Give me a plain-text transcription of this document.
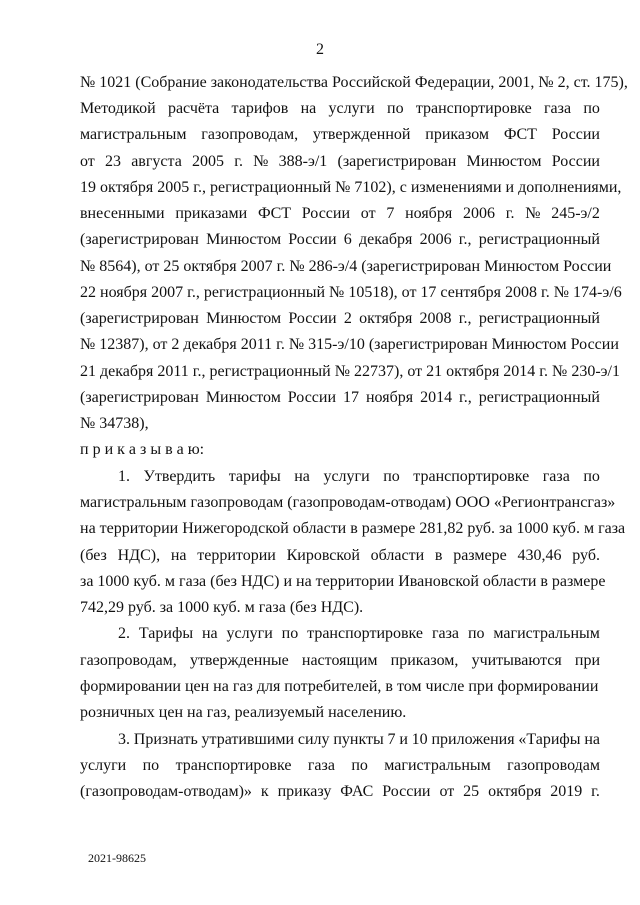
2
№ 1021 (Собрание законодательства Российской Федерации, 2001, № 2, ст. 175),
Методикой расчёта тарифов на услуги по транспортировке газа по
магистральным газопроводам, утвержденной приказом ФСТ России
от 23 августа 2005 г. № 388-э/1 (зарегистрирован Минюстом России
19 октября 2005 г., регистрационный № 7102), с изменениями и дополнениями,
внесенными приказами ФСТ России от 7 ноября 2006 г. № 245-э/2
(зарегистрирован Минюстом России 6 декабря 2006 г., регистрационный
№ 8564), от 25 октября 2007 г. № 286-э/4 (зарегистрирован Минюстом России
22 ноября 2007 г., регистрационный № 10518), от 17 сентября 2008 г. № 174-э/6
(зарегистрирован Минюстом России 2 октября 2008 г., регистрационный
№ 12387), от 2 декабря 2011 г. № 315-э/10 (зарегистрирован Минюстом России
21 декабря 2011 г., регистрационный № 22737), от 21 октября 2014 г. № 230-э/1
(зарегистрирован Минюстом России 17 ноября 2014 г., регистрационный
№ 34738),
п р и к а з ы в а ю:
1. Утвердить тарифы на услуги по транспортировке газа по
магистральным газопроводам (газопроводам-отводам) ООО «Регионтрансгаз»
на территории Нижегородской области в размере 281,82 руб. за 1000 куб. м газа
(без НДС), на территории Кировской области в размере 430,46 руб.
за 1000 куб. м газа (без НДС) и на территории Ивановской области в размере
742,29 руб. за 1000 куб. м газа (без НДС).
2. Тарифы на услуги по транспортировке газа по магистральным
газопроводам, утвержденные настоящим приказом, учитываются при
формировании цен на газ для потребителей, в том числе при формировании
розничных цен на газ, реализуемый населению.
3. Признать утратившими силу пункты 7 и 10 приложения «Тарифы на
услуги по транспортировке газа по магистральным газопроводам
(газопроводам-отводам)» к приказу ФАС России от 25 октября 2019 г.
2021-98625
